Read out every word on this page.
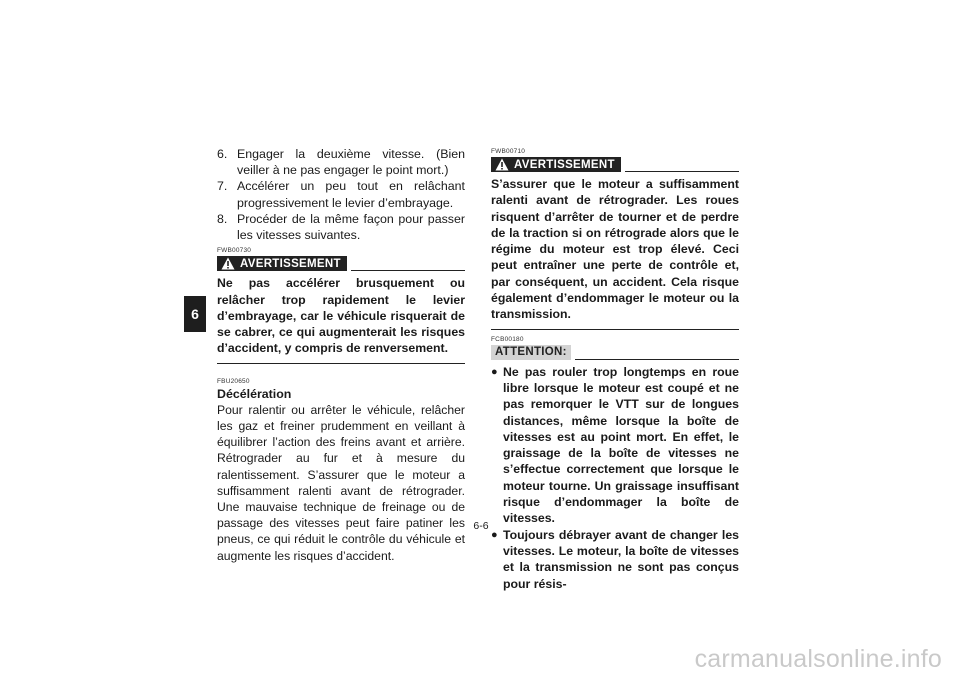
6
6. Engager la deuxième vitesse. (Bien veiller à ne pas engager le point mort.)
7. Accélérer un peu tout en relâchant progressivement le levier d’embrayage.
8. Procéder de la même façon pour passer les vitesses suivantes.
FWB00730
AVERTISSEMENT
Ne pas accélérer brusquement ou relâcher trop rapidement le levier d’embrayage, car le véhicule risquerait de se cabrer, ce qui augmenterait les risques d’accident, y compris de renversement.
FBU20650
Décélération
Pour ralentir ou arrêter le véhicule, relâcher les gaz et freiner prudemment en veillant à équilibrer l’action des freins avant et arrière. Rétrograder au fur et à mesure du ralentissement. S’assurer que le moteur a suffisamment ralenti avant de rétrograder. Une mauvaise technique de freinage ou de passage des vitesses peut faire patiner les pneus, ce qui réduit le contrôle du véhicule et augmente les risques d’accident.
FWB00710
AVERTISSEMENT
S’assurer que le moteur a suffisamment ralenti avant de rétrograder. Les roues risquent d’arrêter de tourner et de perdre de la traction si on rétrograde alors que le régime du moteur est trop élevé. Ceci peut entraîner une perte de contrôle et, par conséquent, un accident. Cela risque également d’endommager le moteur ou la transmission.
FCB00180
ATTENTION:
● Ne pas rouler trop longtemps en roue libre lorsque le moteur est coupé et ne pas remorquer le VTT sur de longues distances, même lorsque la boîte de vitesses est au point mort. En effet, le graissage de la boîte de vitesses ne s’effectue correctement que lorsque le moteur tourne. Un graissage insuffisant risque d’endommager la boîte de vitesses.
● Toujours débrayer avant de changer les vitesses. Le moteur, la boîte de vitesses et la transmission ne sont pas conçus pour résis-
6-6
carmanualsonline.info
